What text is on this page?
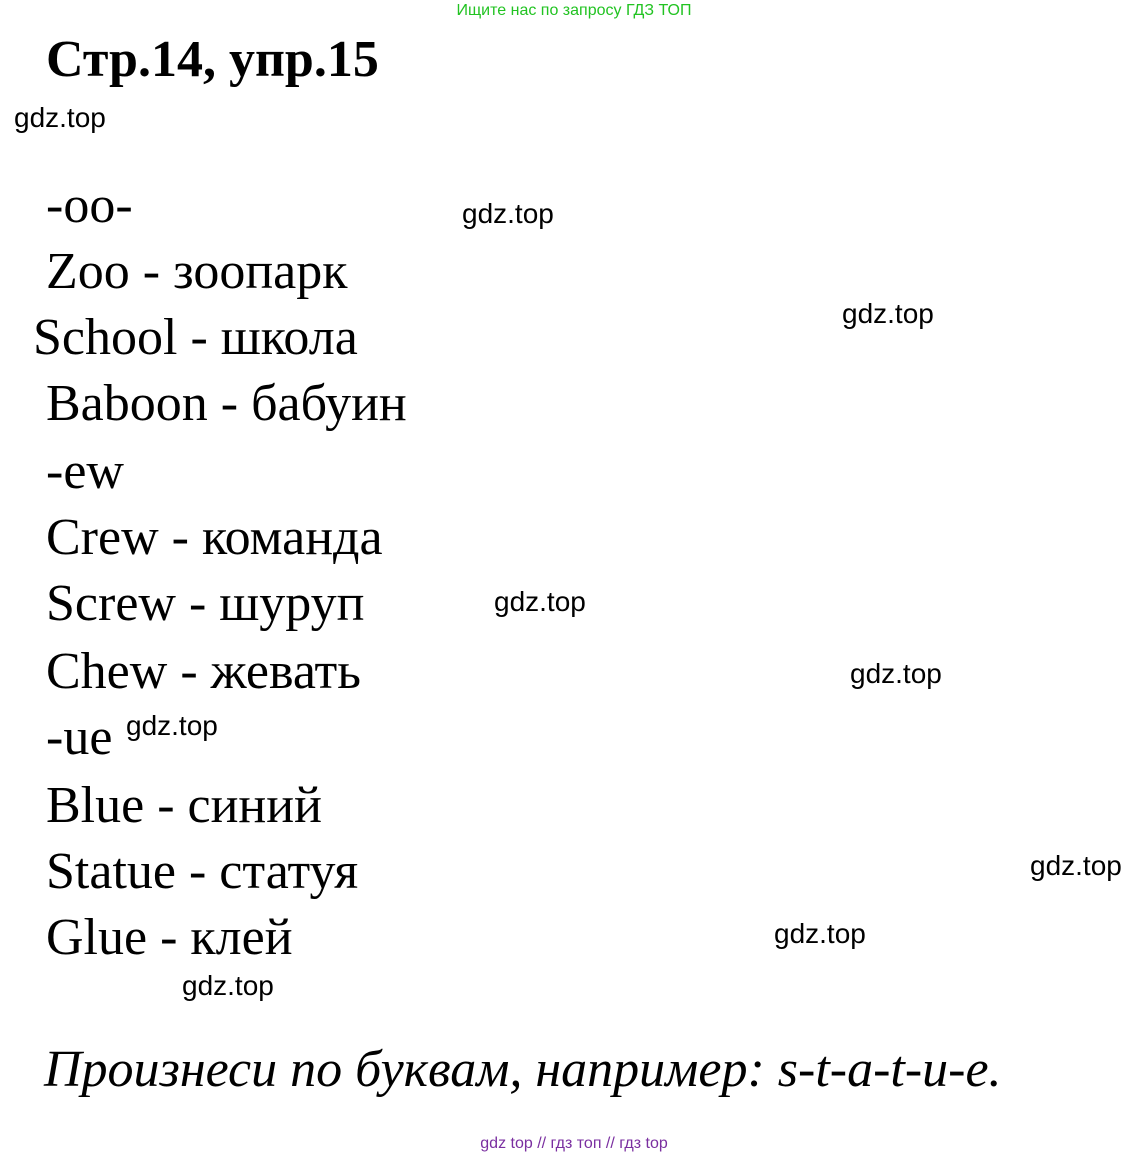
Ищите нас по запросу ГДЗ ТОП
Стр.14, упр.15
-oo-
Zoo - зоопарк
School - школа
Baboon - бабуин
-ew
Crew - команда
Screw - шуруп
Chew - жевать
-ue
Blue - синий
Statue - статуя
Glue - клей
gdz.top
gdz.top
gdz.top
gdz.top
gdz.top
gdz.top
gdz.top
gdz.top
gdz.top
Произнеси по буквам, например: s-t-a-t-u-e.
gdz top // гдз топ // гдз top
